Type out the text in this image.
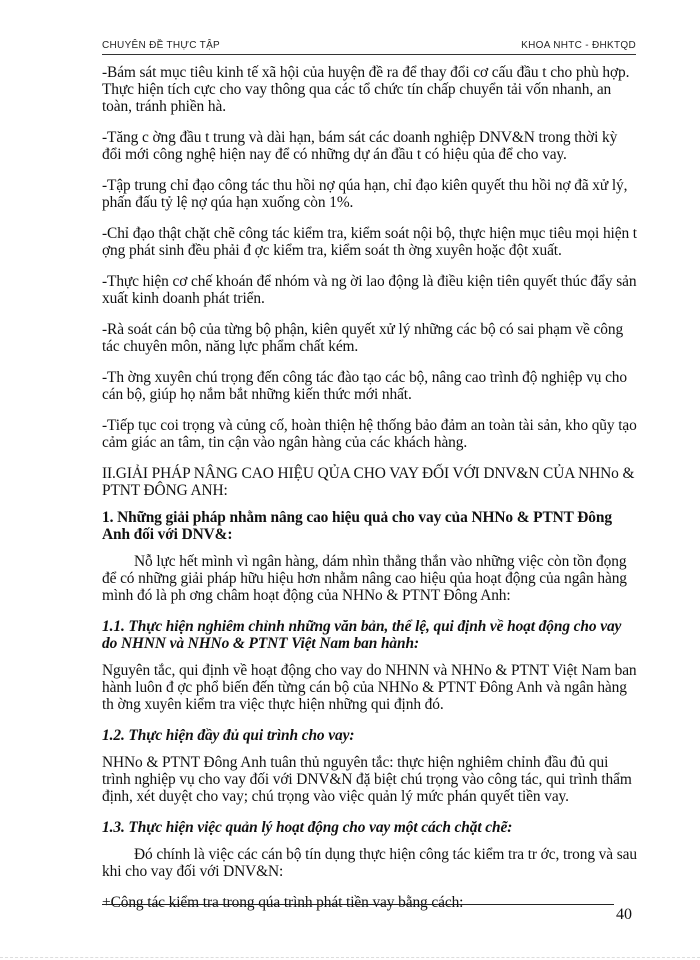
CHUYÊN ĐỀ THỰC TẬP	KHOA NHTC - ĐHKTQD

-Bám sát mục tiêu kinh tế xã hội của huyện đề ra để thay đổi cơ cấu đầu t cho phù hợp. Thực hiện tích cực cho vay thông qua các tổ chức tín chấp chuyển tải vốn nhanh, an toàn, tránh phiền hà.

-Tăng c ờng đầu t trung và dài hạn, bám sát các doanh nghiệp DNV&N trong thời kỳ đổi mới công nghệ hiện nay để có những dự án đầu t có hiệu qủa để cho vay.

-Tập trung chỉ đạo công tác thu hồi nợ qúa hạn, chỉ đạo kiên quyết thu hồi nợ đã xử lý, phấn đấu tỷ lệ nợ qúa hạn xuống còn 1%.

-Chỉ đạo thật chặt chẽ công tác kiểm tra, kiểm soát nội bộ, thực hiện mục tiêu mọi hiện t ợng phát sinh đều phải đ ợc kiểm tra, kiểm soát th ờng xuyên hoặc đột xuất.

-Thực hiện cơ chế khoán để nhóm và ng ời lao động là điều kiện tiên quyết thúc đẩy sản xuất kinh doanh phát triển.

-Rà soát cán bộ của từng bộ phận, kiên quyết xử lý những các bộ có sai phạm về công tác chuyên môn, năng lực phẩm chất kém.

-Th ờng xuyên chú trọng đến công tác đào tạo các bộ, nâng cao trình độ nghiệp vụ cho cán bộ, giúp họ nắm bắt những kiến thức mới nhất.

-Tiếp tục coi trọng và củng cố, hoàn thiện hệ thống bảo đảm an toàn tài sản, kho qũy tạo cảm giác an tâm, tin cận vào ngân hàng của các khách hàng.

II.GIẢI PHÁP NÂNG CAO HIỆU QỦA CHO VAY ĐỐI VỚI DNV&N CỦA NHNo & PTNT ĐÔNG ANH:

1. Những giải pháp nhằm nâng cao hiệu quả cho vay của NHNo & PTNT Đông Anh đối với DNV&:

Nỗ lực hết mình vì ngân hàng, dám nhìn thẳng thắn vào những việc còn tồn đọng để có những giải pháp hữu hiệu hơn nhằm nâng cao hiệu qủa hoạt động của ngân hàng mình đó là ph ơng châm hoạt động của NHNo & PTNT Đông Anh:

1.1. Thực hiện nghiêm chỉnh những văn bản, thể lệ, qui định về hoạt động cho vay do NHNN và NHNo & PTNT Việt Nam ban hành:

Nguyên tắc, qui định về hoạt động cho vay do NHNN và NHNo & PTNT Việt Nam ban hành luôn đ ợc phổ biến đến từng cán bộ của NHNo & PTNT Đông Anh và ngân hàng th ờng xuyên kiểm tra việc thực hiện những qui định đó.

1.2. Thực hiện đầy đủ qui trình cho vay:

NHNo & PTNT Đông Anh tuân thủ nguyên tắc: thực hiện nghiêm chỉnh đầu đủ qui trình nghiệp vụ cho vay đối với DNV&N đặ biệt chú trọng vào công tác, qui trình thẩm định, xét duyệt cho vay; chú trọng vào việc quản lý mức phán quyết tiền vay.

1.3. Thực hiện việc quản lý hoạt động cho vay một cách chặt chẽ:

Đó chính là việc các cán bộ tín dụng thực hiện công tác kiểm tra tr ớc, trong và sau khi cho vay đối với DNV&N:

+Công tác kiểm tra trong qúa trình phát tiền vay bằng cách:

40
